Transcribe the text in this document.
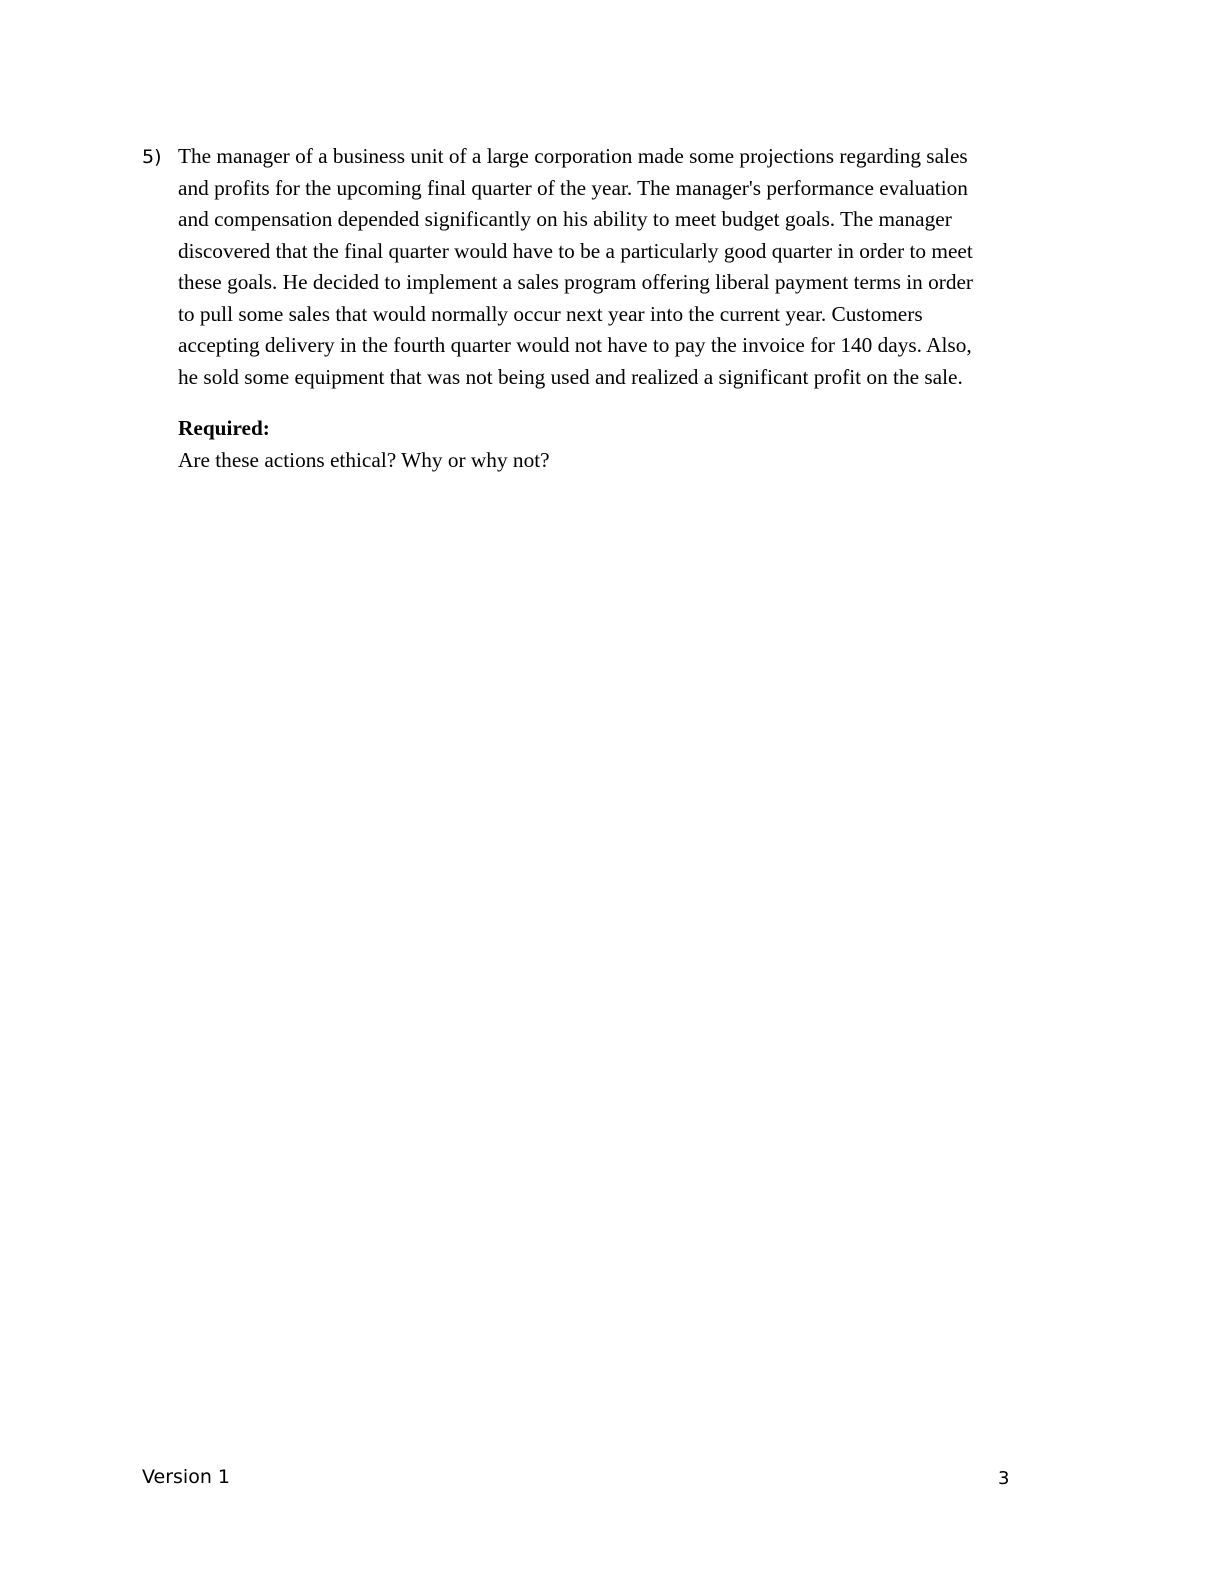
5) The manager of a business unit of a large corporation made some projections regarding sales
and profits for the upcoming final quarter of the year. The manager's performance evaluation
and compensation depended significantly on his ability to meet budget goals. The manager
discovered that the final quarter would have to be a particularly good quarter in order to meet
these goals. He decided to implement a sales program offering liberal payment terms in order
to pull some sales that would normally occur next year into the current year. Customers
accepting delivery in the fourth quarter would not have to pay the invoice for 140 days. Also,
he sold some equipment that was not being used and realized a significant profit on the sale.
Required:
Are these actions ethical? Why or why not?
Version 1	3
